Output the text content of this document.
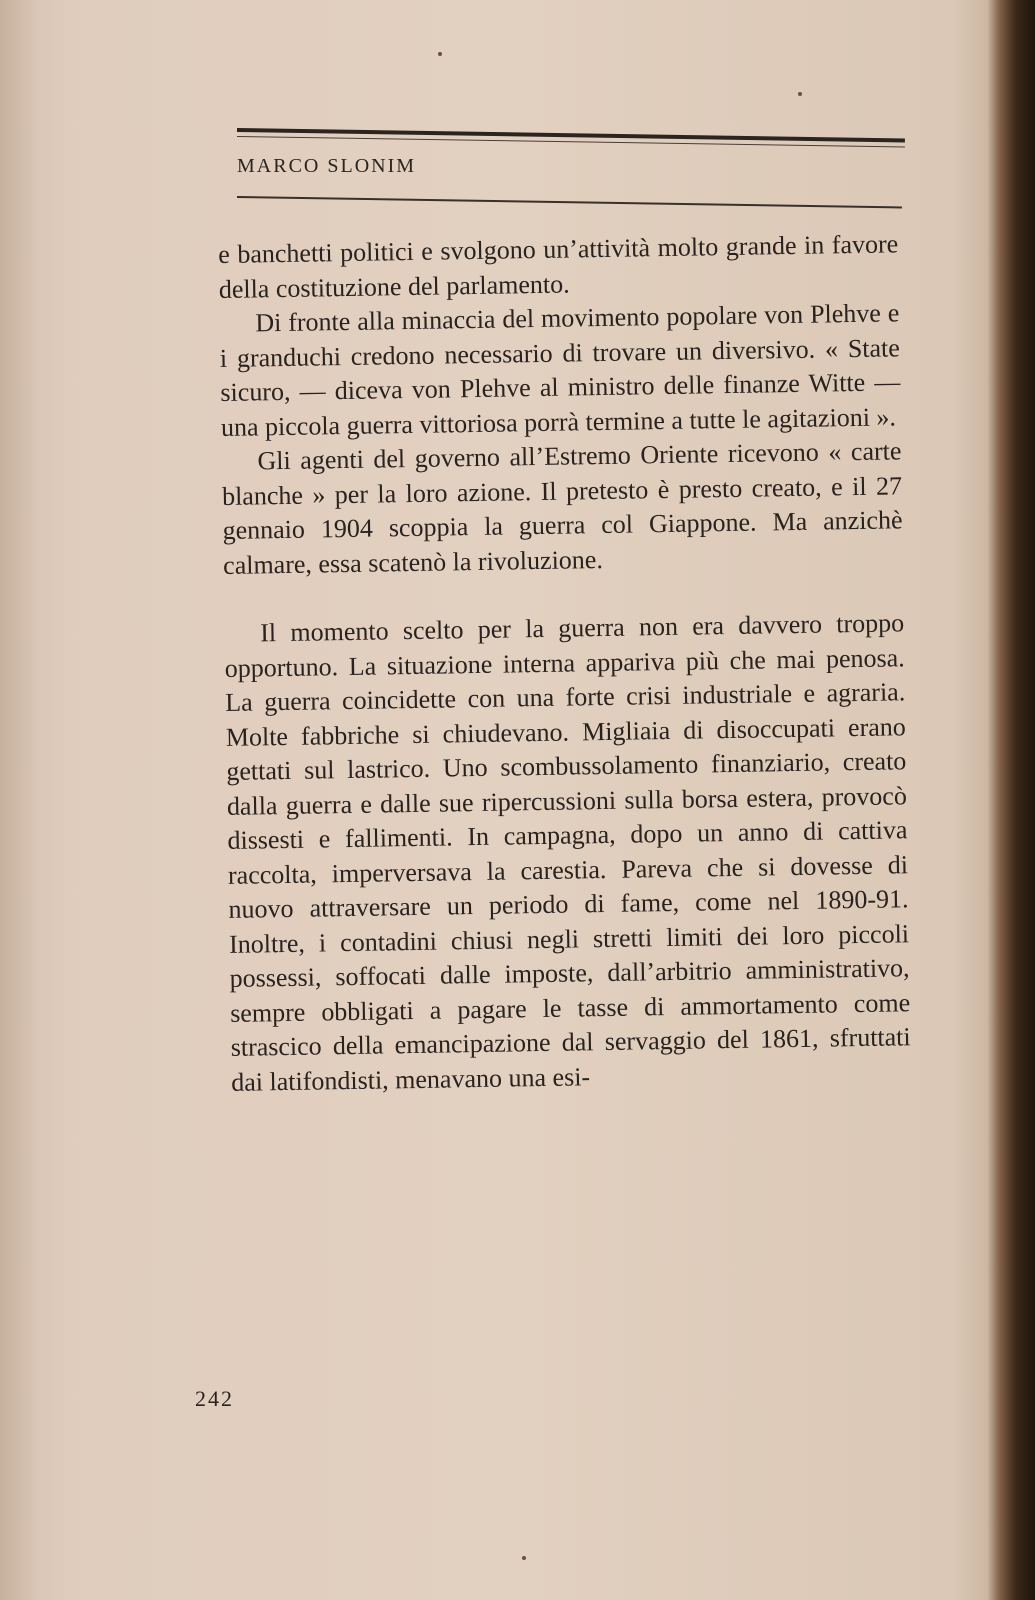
MARCO SLONIM

e banchetti politici e svolgono un’attività molto grande in favore della costituzione del parlamento.

Di fronte alla minaccia del movimento popolare von Plehve e i granduchi credono necessario di trovare un diversivo. « State sicuro, — diceva von Plehve al ministro delle finanze Witte — una piccola guerra vittoriosa porrà termine a tutte le agitazioni ».

Gli agenti del governo all’Estremo Oriente ricevono « carte blanche » per la loro azione. Il pretesto è presto creato, e il 27 gennaio 1904 scoppia la guerra col Giappone. Ma anzichè calmare, essa scatenò la rivoluzione.

Il momento scelto per la guerra non era davvero troppo opportuno. La situazione interna appariva più che mai penosa. La guerra coincidette con una forte crisi industriale e agraria. Molte fabbriche si chiudevano. Migliaia di disoccupati erano gettati sul lastrico. Uno scombussolamento finanziario, creato dalla guerra e dalle sue ripercussioni sulla borsa estera, provocò dissesti e fallimenti. In campagna, dopo un anno di cattiva raccolta, imperversava la carestia. Pareva che si dovesse di nuovo attraversare un periodo di fame, come nel 1890-91. Inoltre, i contadini chiusi negli stretti limiti dei loro piccoli possessi, soffocati dalle imposte, dall’arbitrio amministrativo, sempre obbligati a pagare le tasse di ammortamento come strascico della emancipazione dal servaggio del 1861, sfruttati dai latifondisti, menavano una esi-

242
